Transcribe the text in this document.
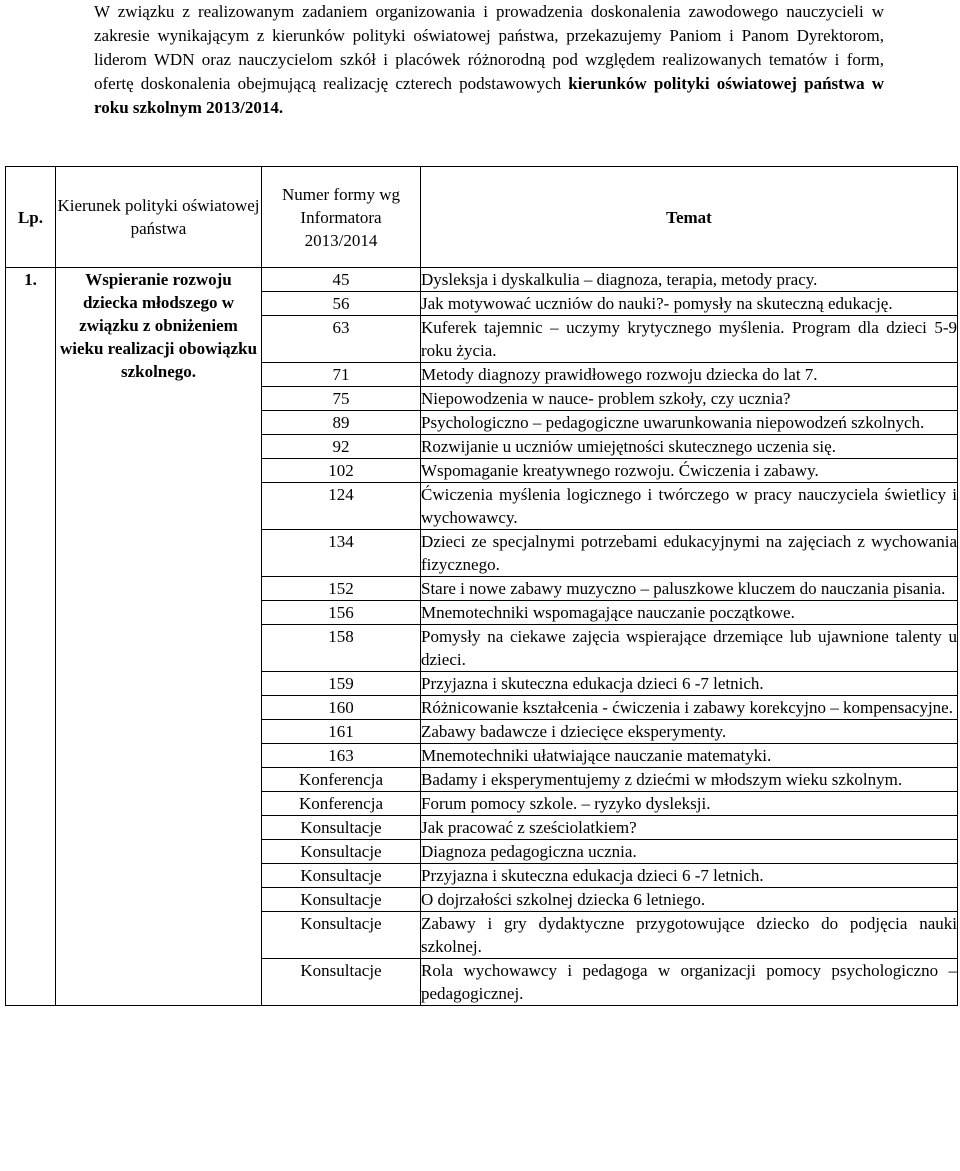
W związku z realizowanym zadaniem organizowania i prowadzenia doskonalenia zawodowego nauczycieli w zakresie wynikającym z kierunków polityki oświatowej państwa, przekazujemy Paniom i Panom Dyrektorom, liderom WDN oraz nauczycielom szkół i placówek różnorodną pod względem realizowanych tematów i form, ofertę doskonalenia obejmującą realizację czterech podstawowych kierunków polityki oświatowej państwa w roku szkolnym 2013/2014.
Lp.	Kierunek polityki oświatowej państwa	Numer formy wg Informatora 2013/2014	Temat
1.	Wspieranie rozwoju dziecka młodszego w związku z obniżeniem wieku realizacji obowiązku szkolnego.	45	Dysleksja i dyskalkulia – diagnoza, terapia, metody pracy.
		56	Jak motywować uczniów do nauki?- pomysły na skuteczną edukację.
		63	Kuferek tajemnic – uczymy krytycznego myślenia. Program dla dzieci 5-9 roku życia.
		71	Metody diagnozy prawidłowego rozwoju dziecka do lat 7.
		75	Niepowodzenia w nauce- problem szkoły, czy ucznia?
		89	Psychologiczno – pedagogiczne uwarunkowania niepowodzeń szkolnych.
		92	Rozwijanie u uczniów umiejętności skutecznego uczenia się.
		102	Wspomaganie kreatywnego rozwoju. Ćwiczenia i zabawy.
		124	Ćwiczenia myślenia logicznego i twórczego w pracy nauczyciela świetlicy i wychowawcy.
		134	Dzieci ze specjalnymi potrzebami edukacyjnymi na zajęciach z wychowania fizycznego.
		152	Stare i nowe zabawy muzyczno – paluszkowe kluczem do nauczania pisania.
		156	Mnemotechniki wspomagające nauczanie początkowe.
		158	Pomysły na ciekawe zajęcia wspierające drzemiące lub ujawnione talenty u dzieci.
		159	Przyjazna i skuteczna edukacja dzieci 6 -7 letnich.
		160	Różnicowanie kształcenia - ćwiczenia i zabawy korekcyjno – kompensacyjne.
		161	Zabawy badawcze i dziecięce eksperymenty.
		163	Mnemotechniki ułatwiające nauczanie matematyki.
		Konferencja	Badamy i eksperymentujemy z dziećmi w młodszym wieku szkolnym.
		Konferencja	Forum pomocy szkole. – ryzyko dysleksji.
		Konsultacje	Jak pracować z sześciolatkiem?
		Konsultacje	Diagnoza pedagogiczna ucznia.
		Konsultacje	Przyjazna i skuteczna edukacja dzieci 6 -7 letnich.
		Konsultacje	O dojrzałości szkolnej dziecka 6 letniego.
		Konsultacje	Zabawy i gry dydaktyczne przygotowujące dziecko do podjęcia nauki szkolnej.
		Konsultacje	Rola wychowawcy i pedagoga w organizacji pomocy psychologiczno –pedagogicznej.
